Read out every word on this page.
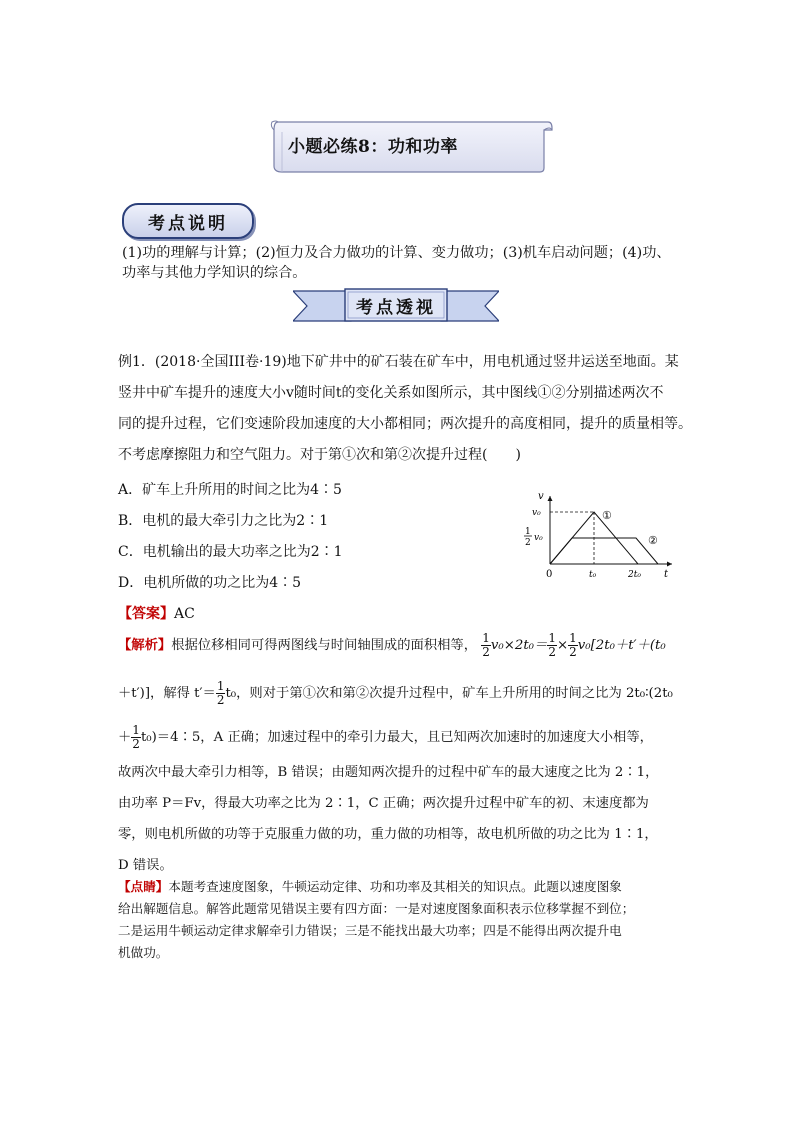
小题必练8：功和功率
考点说明
(1)功的理解与计算；(2)恒力及合力做功的计算、变力做功；(3)机车启动问题；(4)功、功率与其他力学知识的综合。
考点透视
例1．(2018·全国III卷·19)地下矿井中的矿石装在矿车中，用电机通过竖井运送至地面。某
竖井中矿车提升的速度大小v随时间t的变化关系如图所示，其中图线①②分别描述两次不
同的提升过程，它们变速阶段加速度的大小都相同；两次提升的高度相同，提升的质量相等。
不考虑摩擦阻力和空气阻力。对于第①次和第②次提升过程(　　)
A．矿车上升所用的时间之比为4∶5
B．电机的最大牵引力之比为2∶1
C．电机输出的最大功率之比为2∶1
D．电机所做的功之比为4∶5
v
t
v₀
1
2 v₀
0	t₀	2t₀
①
②
【答案】AC
【解析】根据位移相同可得两图线与时间轴围成的面积相等， $\frac{1}{2} v_0\times 2t_0= \frac{1}{2} \times \frac{1}{2} v_0[2t_0+t'+(t_0$
＋t′)]，解得 $t'= \frac{1}{2} t_0$，则对于第①次和第②次提升过程中，矿车上升所用的时间之比为 2t₀∶(2t₀
＋ $\frac{1}{2}$ t₀)＝4∶5，A 正确；加速过程中的牵引力最大，且已知两次加速时的加速度大小相等，
故两次中最大牵引力相等，B 错误；由题知两次提升的过程中矿车的最大速度之比为 2∶1，
由功率 P＝Fv，得最大功率之比为 2∶1，C 正确；两次提升过程中矿车的初、末速度都为
零，则电机所做的功等于克服重力做的功，重力做的功相等，故电机所做的功之比为 1∶1，
D 错误。
【点睛】本题考查速度图象，牛顿运动定律、功和功率及其相关的知识点。此题以速度图象
给出解题信息。解答此题常见错误主要有四方面：一是对速度图象面积表示位移掌握不到位；
二是运用牛顿运动定律求解牵引力错误；三是不能找出最大功率；四是不能得出两次提升电
机做功。
